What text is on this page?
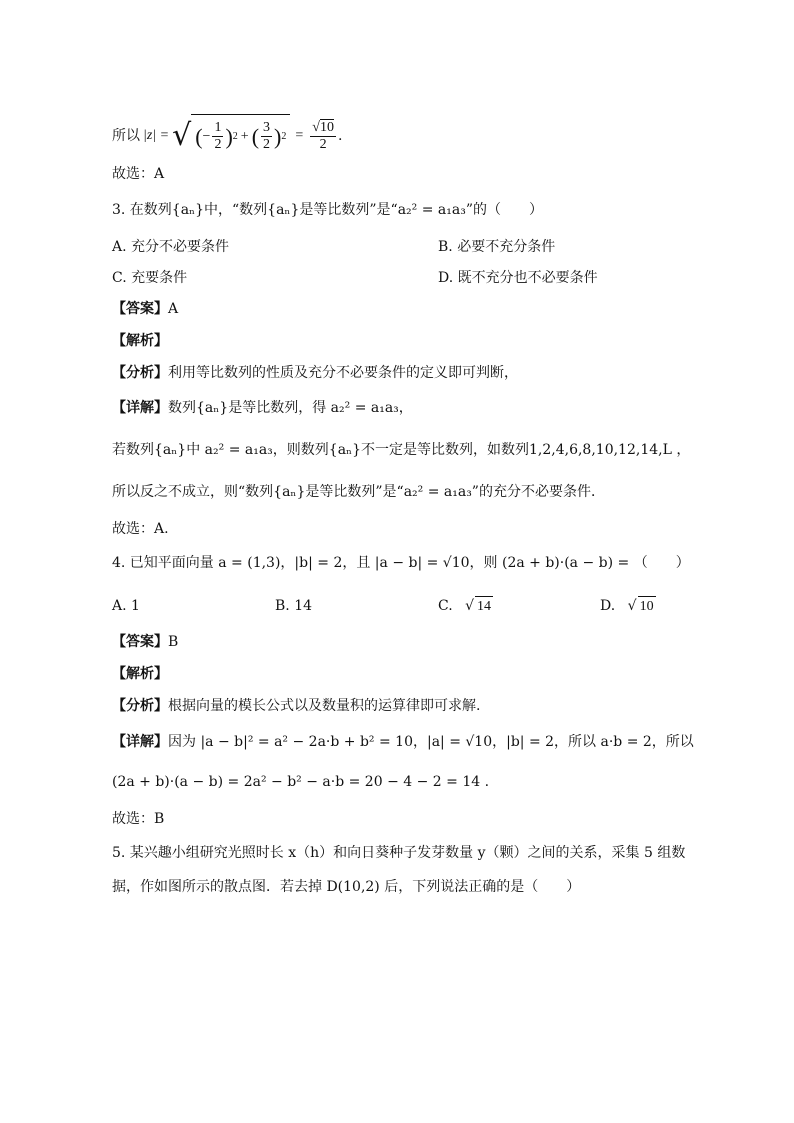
所以 |z| = √ ( − $\frac{1}{2}$ ) 2 + ( $\frac{3}{2}$ ) $2 = \frac{√10}{2}$ .
故选：A
3. 在数列{aₙ}中，“数列{aₙ}是等比数列”是“a₂² = a₁a₃”的（　　）
A. 充分不必要条件	B. 必要不充分条件
C. 充要条件	D. 既不充分也不必要条件
【答案】A
【解析】
【分析】利用等比数列的性质及充分不必要条件的定义即可判断，
【详解】数列{aₙ}是等比数列，得 a₂² = a₁a₃，
若数列{aₙ}中 a₂² = a₁a₃，则数列{aₙ}不一定是等比数列，如数列1,2,4,6,8,10,12,14,L ，
所以反之不成立，则“数列{aₙ}是等比数列”是“a₂² = a₁a₃”的充分不必要条件．
故选：A.
4. 已知平面向量 a = (1,3)，|b| = 2，且 |a − b| = √10，则 (2a + b)·(a − b) = （　　）
A. 1	B. 14	C. √ 14	D. √ 10
【答案】B
【解析】
【分析】根据向量的模长公式以及数量积的运算律即可求解.
【详解】因为 |a − b|² = a² − 2a·b + b² = 10，|a| = √10，|b| = 2，所以 a·b = 2，所以
(2a + b)·(a − b) = 2a² − b² − a·b = 20 − 4 − 2 = 14 .
故选：B
5. 某兴趣小组研究光照时长 x（h）和向日葵种子发芽数量 y（颗）之间的关系，采集 5 组数
据，作如图所示的散点图．若去掉 D(10,2) 后，下列说法正确的是（　　）
